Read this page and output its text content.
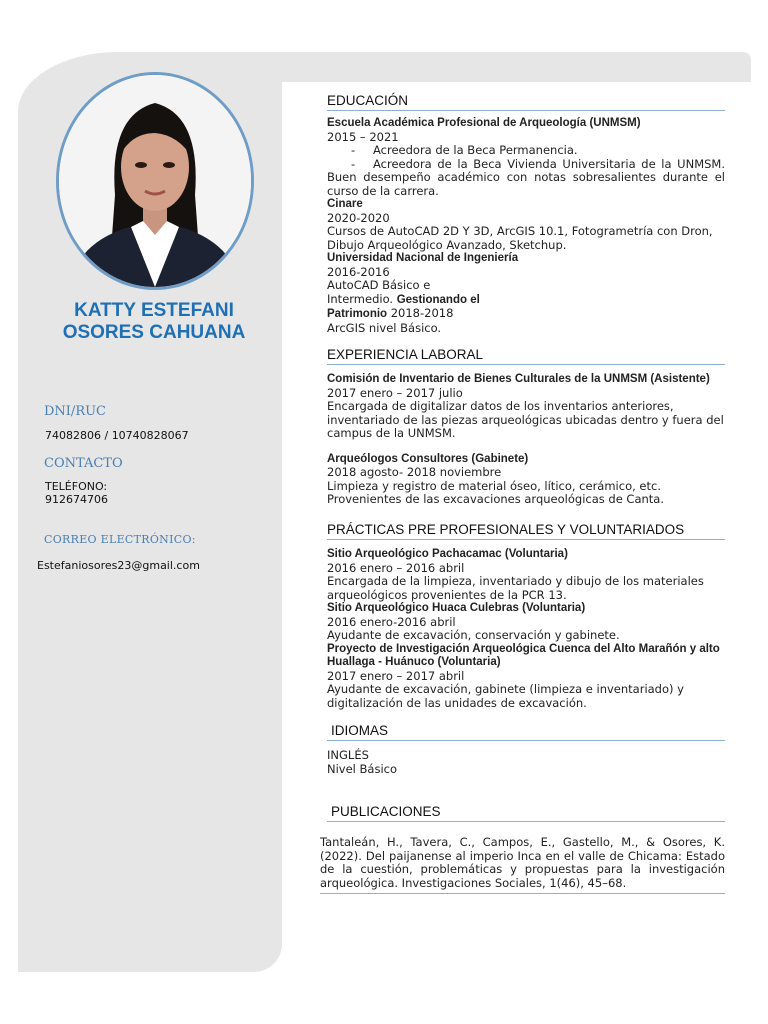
KATTY ESTEFANI
OSORES CAHUANA
DNI/RUC
74082806 / 10740828067
CONTACTO
TELÉFONO:
912674706
CORREO ELECTRÓNICO:
Estefaniosores23@gmail.com
EDUCACIÓN

Escuela Académica Profesional de Arqueología (UNMSM)

2015 – 2021

- Acreedora de la Beca Permanencia.

- Acreedora de la Beca Vivienda Universitaria de la UNMSM. Buen desempeño académico con notas sobresalientes durante el curso de la carrera.

Cinare

2020-2020

Cursos de AutoCAD 2D Y 3D, ArcGIS 10.1, Fotogrametría con Dron, Dibujo Arqueológico Avanzado, Sketchup.

Universidad Nacional de Ingeniería

2016-2016

AutoCAD Básico e

Intermedio. Gestionando el

Patrimonio 2018-2018

ArcGIS nivel Básico.

EXPERIENCIA LABORAL

Comisión de Inventario de Bienes Culturales de la UNMSM (Asistente)

2017 enero – 2017 julio

Encargada de digitalizar datos de los inventarios anteriores, inventariado de las piezas arqueológicas ubicadas dentro y fuera del campus de la UNMSM.

Arqueólogos Consultores (Gabinete)

2018 agosto- 2018 noviembre

Limpieza y registro de material óseo, lítico, cerámico, etc.

Provenientes de las excavaciones arqueológicas de Canta.

PRÁCTICAS PRE PROFESIONALES Y VOLUNTARIADOS

Sitio Arqueológico Pachacamac (Voluntaria)

2016 enero – 2016 abril

Encargada de la limpieza, inventariado y dibujo de los materiales arqueológicos provenientes de la PCR 13.

Sitio Arqueológico Huaca Culebras (Voluntaria)

2016 enero-2016 abril

Ayudante de excavación, conservación y gabinete.

Proyecto de Investigación Arqueológica Cuenca del Alto Marañón y alto Huallaga - Huánuco (Voluntaria)

2017 enero – 2017 abril

Ayudante de excavación, gabinete (limpieza e inventariado) y digitalización de las unidades de excavación.

IDIOMAS

INGLÉS

Nivel Básico

PUBLICACIONES
Tantaleán, H., Tavera, C., Campos, E., Gastello, M., & Osores, K. (2022). Del paijanense al imperio Inca en el valle de Chicama: Estado de la cuestión, problemáticas y propuestas para la investigación arqueológica. Investigaciones Sociales, 1(46), 45–68.
